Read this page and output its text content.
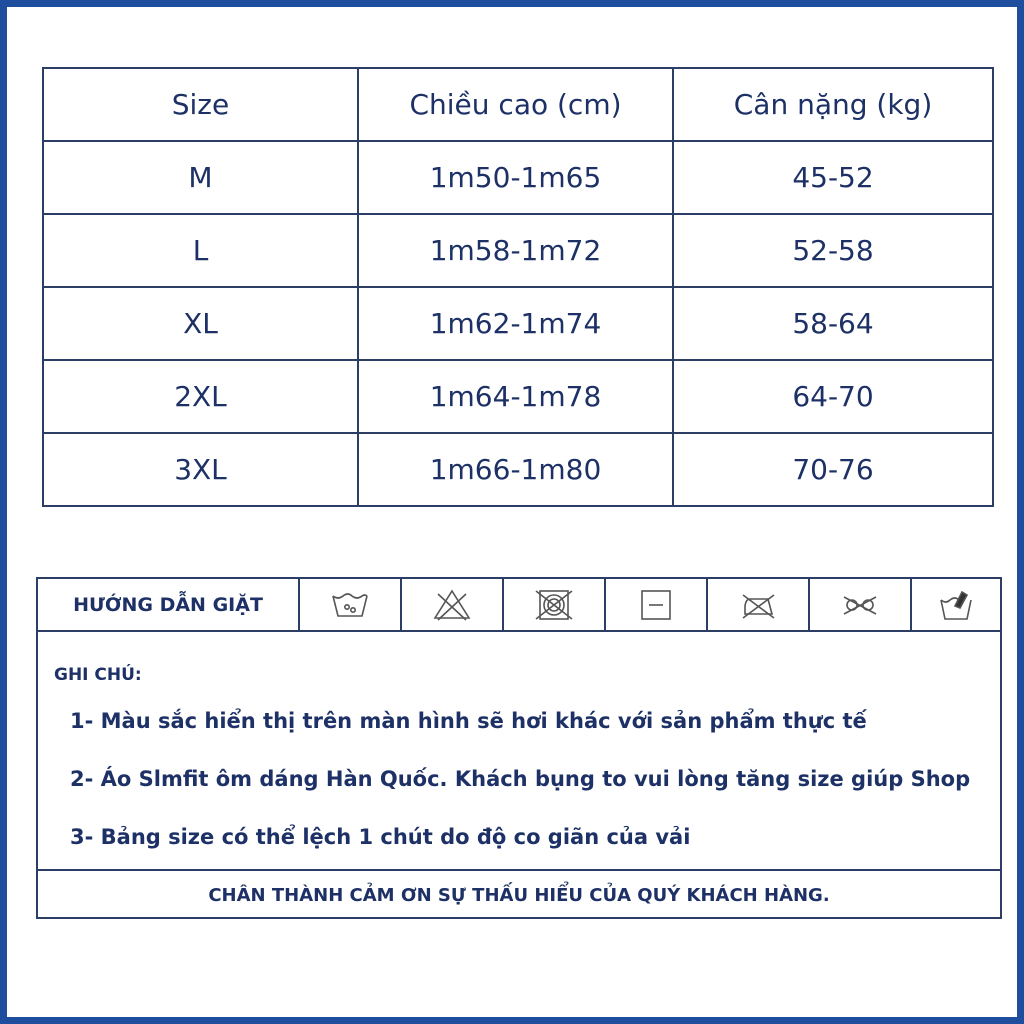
Size	Chiều cao (cm)	Cân nặng (kg)
M	1m50-1m65	45-52
L	1m58-1m72	52-58
XL	1m62-1m74	58-64
2XL	1m64-1m78	64-70
3XL	1m66-1m80	70-76
HƯỚNG DẪN GIẶT
GHI CHÚ:
1- Màu sắc hiển thị trên màn hình sẽ hơi khác với sản phẩm thực tế
2- Áo Slmfit ôm dáng Hàn Quốc. Khách bụng to vui lòng tăng size giúp Shop
3- Bảng size có thể lệch 1 chút do độ co giãn của vải
CHÂN THÀNH CẢM ƠN SỰ THẤU HIỂU CỦA QUÝ KHÁCH HÀNG.
